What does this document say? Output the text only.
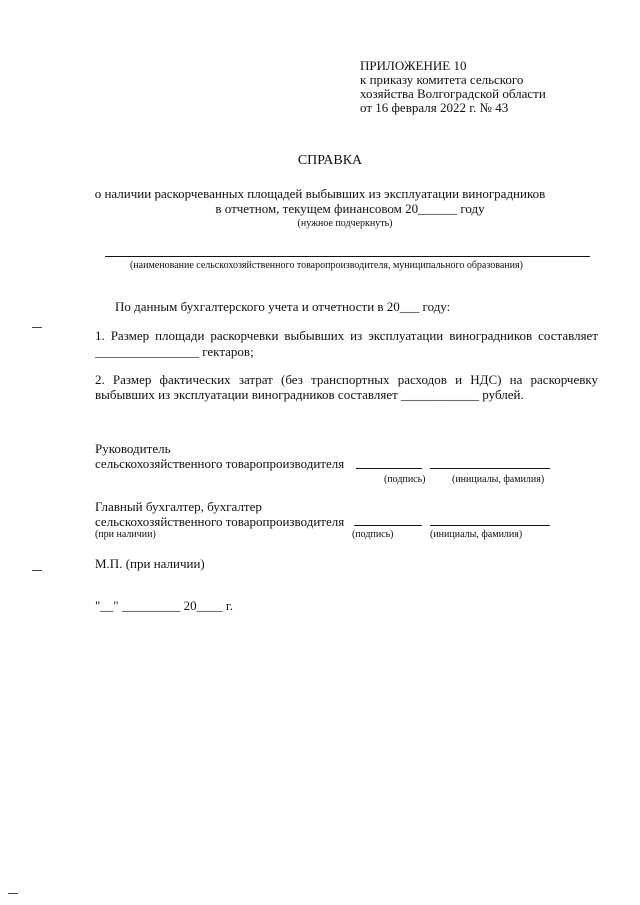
ПРИЛОЖЕНИЕ 10
к приказу комитета сельского
хозяйства Волгоградской области
от 16 февраля 2022 г. № 43
СПРАВКА
о наличии раскорчеванных площадей выбывших из эксплуатации виноградников
в отчетном, текущем финансовом 20______ году
(нужное подчеркнуть)
(наименование сельскохозяйственного товаропроизводителя, муниципального образования)
По данным бухгалтерского учета и отчетности в 20___ году:
1. Размер площади раскорчевки выбывших из эксплуатации виноградников составляет
________________ гектаров;
2. Размер фактических затрат (без транспортных расходов и НДС) на раскорчевку
выбывших из эксплуатации виноградников составляет ____________ рублей.
Руководитель
сельскохозяйственного товаропроизводителя
(подпись)	(инициалы, фамилия)
Главный бухгалтер, бухгалтер
сельскохозяйственного товаропроизводителя
(при наличии)	(подпись)	(инициалы, фамилия)
М.П. (при наличии)
"__" _________ 20____ г.
